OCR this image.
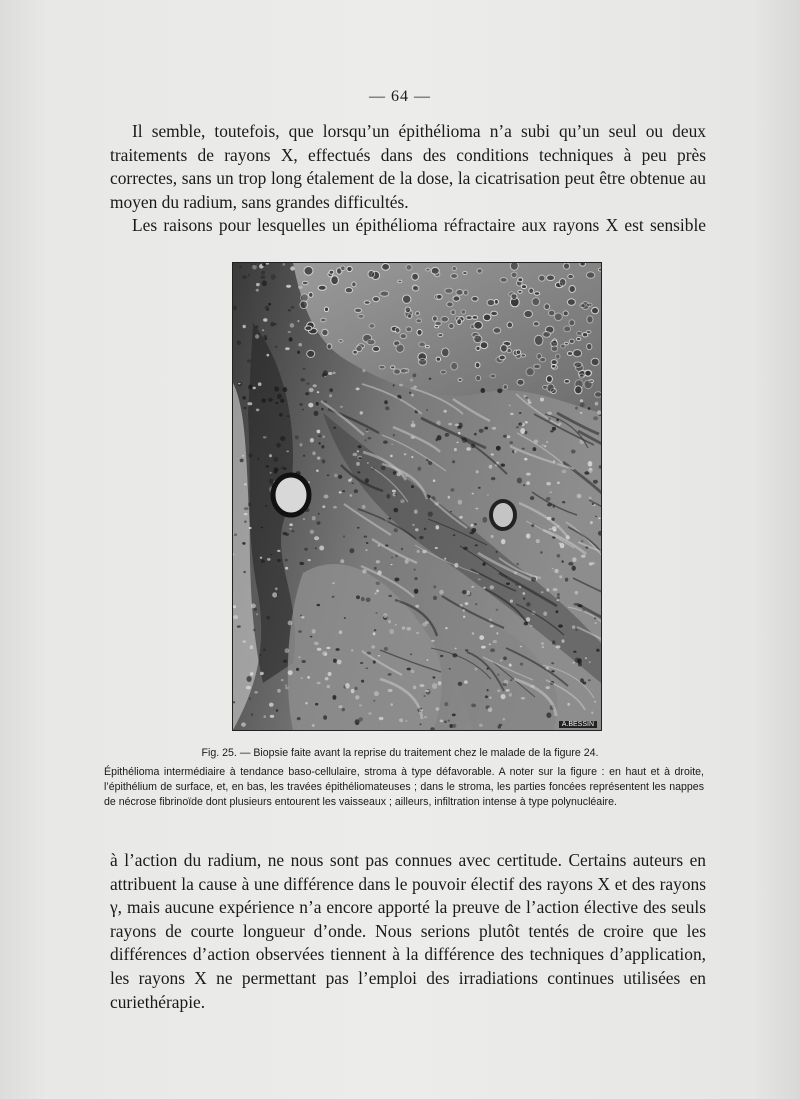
— 64 —

Il semble, toutefois, que lorsqu’un épithélioma n’a subi qu’un seul ou deux traitements de rayons X, effectués dans des conditions techniques à peu près correctes, sans un trop long étalement de la dose, la cicatrisation peut être obtenue au moyen du radium, sans grandes difficultés.

Les raisons pour lesquelles un épithélioma réfractaire aux rayons X est sensible

A.BESSIN
Fig. 25. — Biopsie faite avant la reprise du traitement chez le malade de la figure 24.

Épithélioma intermédiaire à tendance baso-cellulaire, stroma à type défavorable. A noter sur la figure : en haut et à droite, l’épithélium de surface, et, en bas, les travées épithéliomateuses ; dans le stroma, les parties foncées représentent les nappes de nécrose fibrinoïde dont plusieurs entourent les vaisseaux ; ailleurs, infiltration intense à type polynucléaire.

à l’action du radium, ne nous sont pas connues avec certitude. Certains auteurs en attribuent la cause à une différence dans le pouvoir électif des rayons X et des rayons γ, mais aucune expérience n’a encore apporté la preuve de l’action élective des seuls rayons de courte longueur d’onde. Nous serions plutôt tentés de croire que les différences d’action observées tiennent à la différence des techniques d’application, les rayons X ne permettant pas l’emploi des irradiations continues utilisées en curiethérapie.
